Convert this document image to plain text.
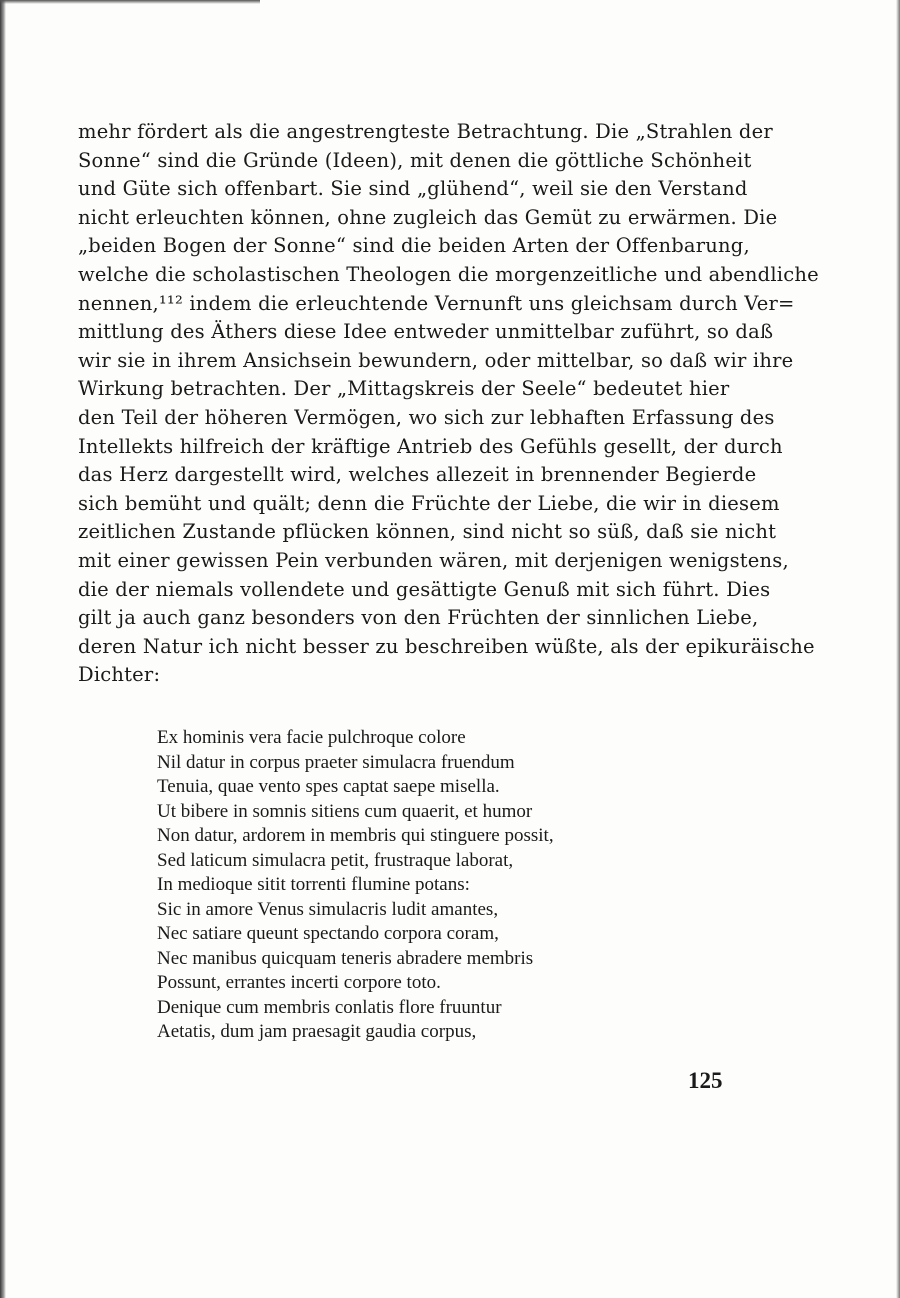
mehr fördert als die angestrengteste Betrachtung. Die „Strahlen der
Sonne“ sind die Gründe (Ideen), mit denen die göttliche Schönheit
und Güte sich offenbart. Sie sind „glühend“, weil sie den Verstand
nicht erleuchten können, ohne zugleich das Gemüt zu erwärmen. Die
„beiden Bogen der Sonne“ sind die beiden Arten der Offenbarung,
welche die scholastischen Theologen die morgenzeitliche und abendliche
nennen,¹¹² indem die erleuchtende Vernunft uns gleichsam durch Ver=
mittlung des Äthers diese Idee entweder unmittelbar zuführt, so daß
wir sie in ihrem Ansichsein bewundern, oder mittelbar, so daß wir ihre
Wirkung betrachten. Der „Mittagskreis der Seele“ bedeutet hier
den Teil der höheren Vermögen, wo sich zur lebhaften Erfassung des
Intellekts hilfreich der kräftige Antrieb des Gefühls gesellt, der durch
das Herz dargestellt wird, welches allezeit in brennender Begierde
sich bemüht und quält; denn die Früchte der Liebe, die wir in diesem
zeitlichen Zustande pflücken können, sind nicht so süß, daß sie nicht
mit einer gewissen Pein verbunden wären, mit derjenigen wenigstens,
die der niemals vollendete und gesättigte Genuß mit sich führt. Dies
gilt ja auch ganz besonders von den Früchten der sinnlichen Liebe,
deren Natur ich nicht besser zu beschreiben wüßte, als der epikuräische
Dichter:
Ex hominis vera facie pulchroque colore
Nil datur in corpus praeter simulacra fruendum
Tenuia, quae vento spes captat saepe misella.
Ut bibere in somnis sitiens cum quaerit, et humor
Non datur, ardorem in membris qui stinguere possit,
Sed laticum simulacra petit, frustraque laborat,
In medioque sitit torrenti flumine potans:
Sic in amore Venus simulacris ludit amantes,
Nec satiare queunt spectando corpora coram,
Nec manibus quicquam teneris abradere membris
Possunt, errantes incerti corpore toto.
Denique cum membris conlatis flore fruuntur
Aetatis, dum jam praesagit gaudia corpus,
125
